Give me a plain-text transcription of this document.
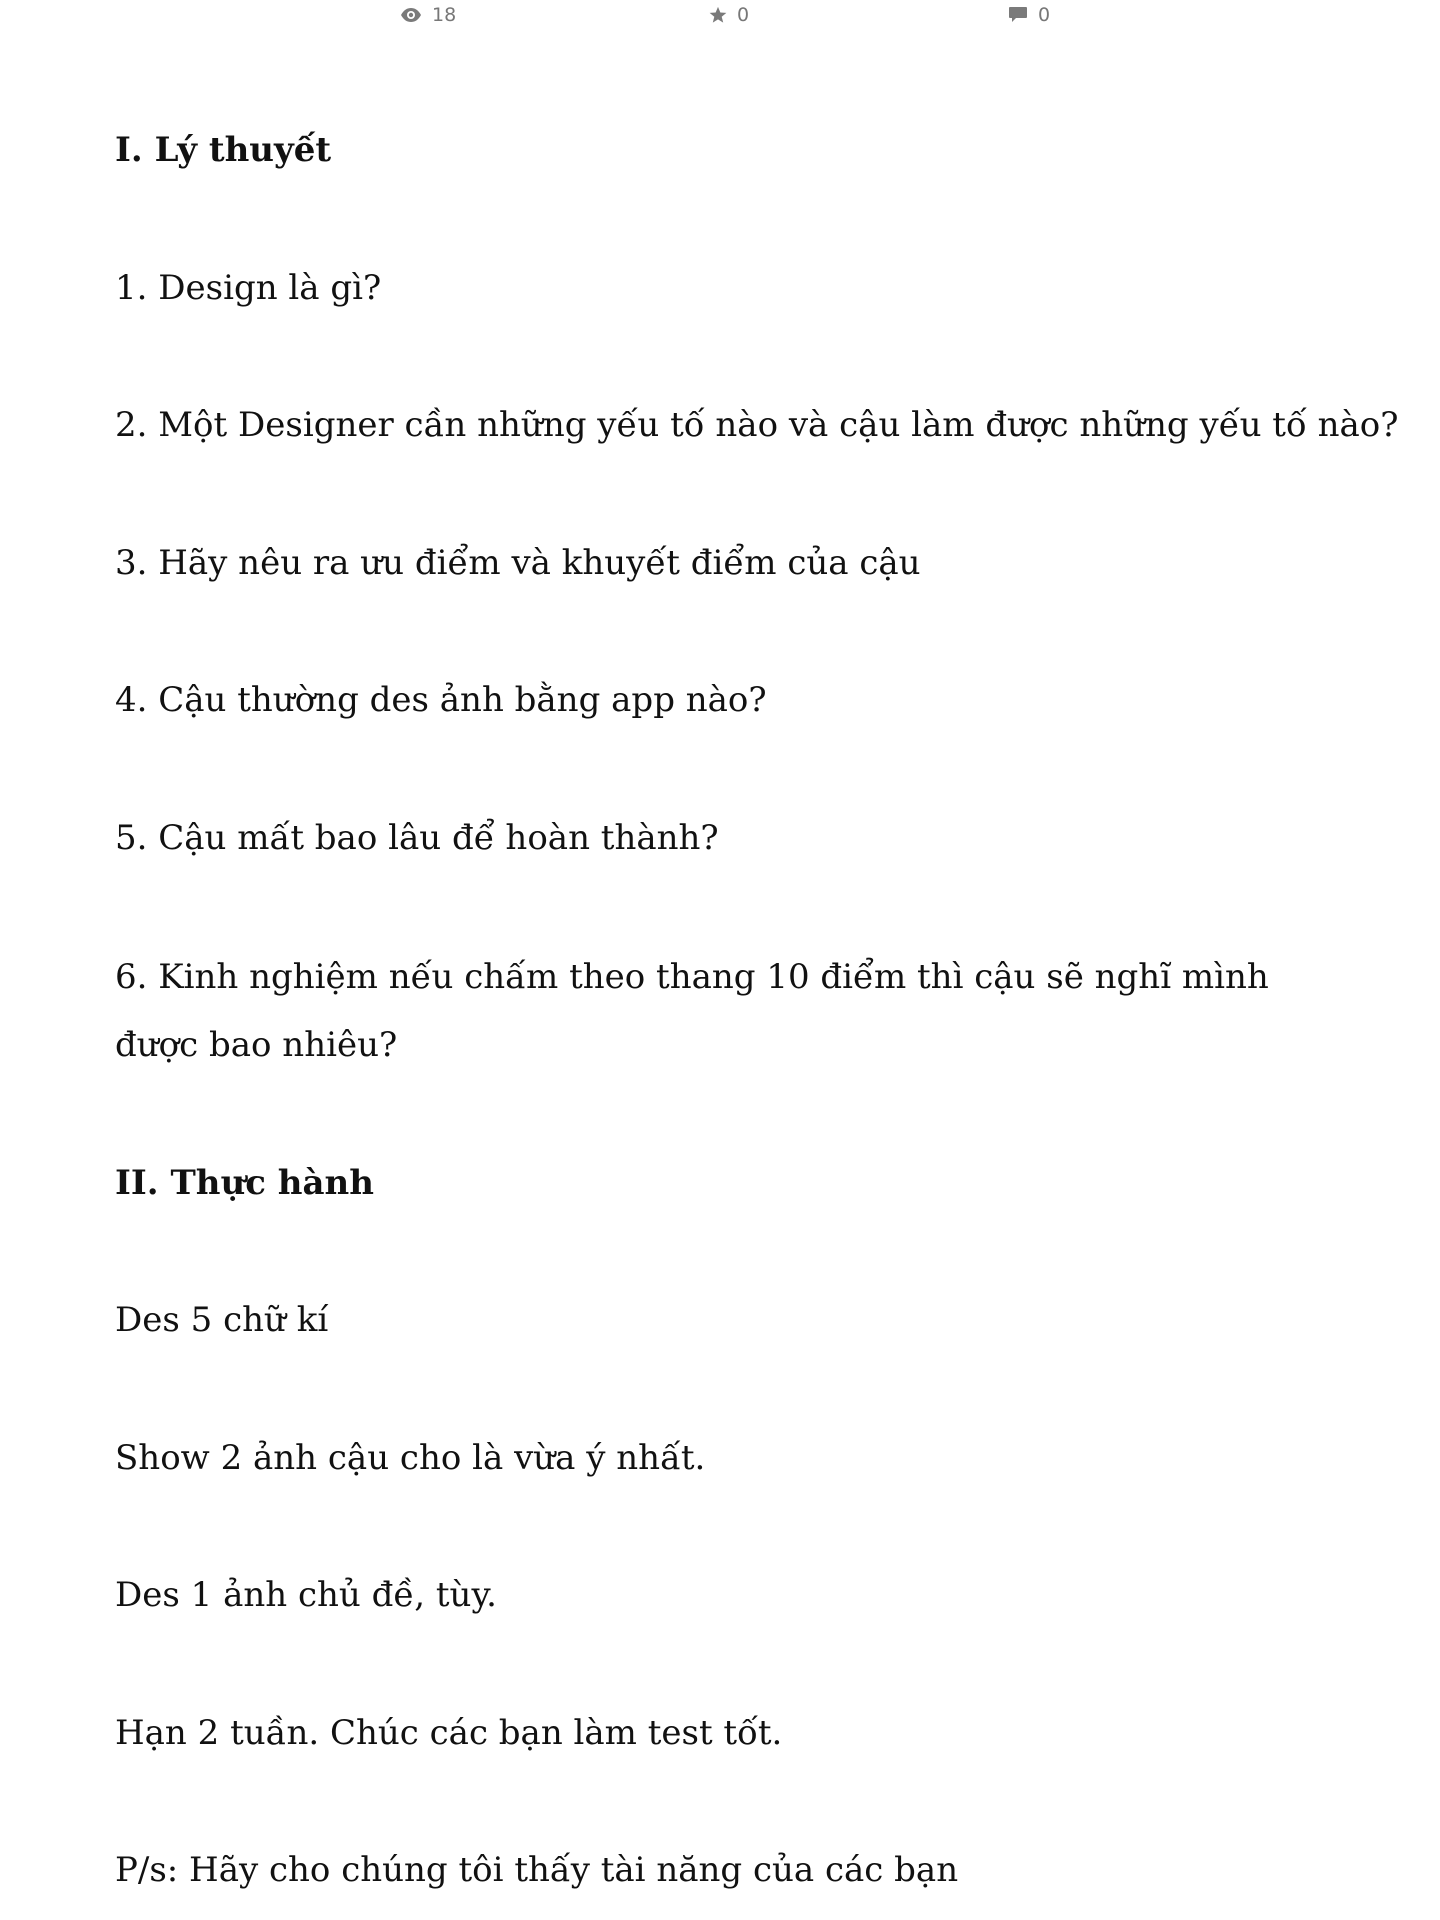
18	0	0
I. Lý thuyết
1. Design là gì?
2. Một Designer cần những yếu tố nào và cậu làm được những yếu tố nào?
3. Hãy nêu ra ưu điểm và khuyết điểm của cậu
4. Cậu thường des ảnh bằng app nào?
5. Cậu mất bao lâu để hoàn thành?
6. Kinh nghiệm nếu chấm theo thang 10 điểm thì cậu sẽ nghĩ mình được bao nhiêu?
II. Thực hành
Des 5 chữ kí
Show 2 ảnh cậu cho là vừa ý nhất.
Des 1 ảnh chủ đề, tùy.
Hạn 2 tuần. Chúc các bạn làm test tốt.
P/s: Hãy cho chúng tôi thấy tài năng của các bạn
